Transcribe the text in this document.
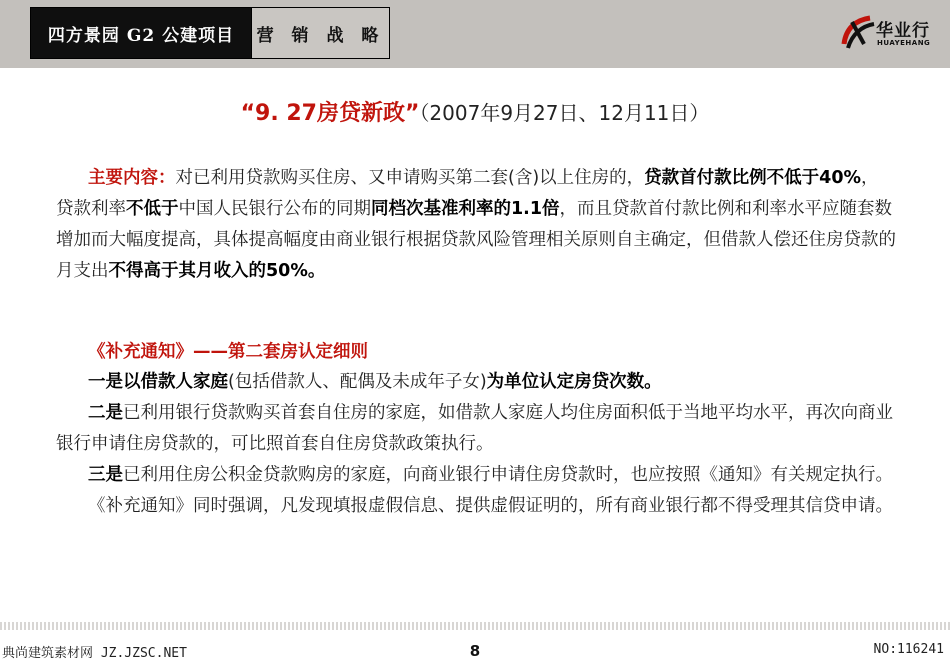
四方景园 G2 公建项目	营 销 战 略	华业行
HUAYEHANG
“9. 27房贷新政”（2007年9月27日、12月11日）
主要内容：对已利用贷款购买住房、又申请购买第二套(含)以上住房的，贷款首付款比例不低于40%，贷款利率不低于中国人民银行公布的同期同档次基准利率的1.1倍，而且贷款首付款比例和利率水平应随套数增加而大幅度提高，具体提高幅度由商业银行根据贷款风险管理相关原则自主确定，但借款人偿还住房贷款的月支出不得高于其月收入的50%。
《补充通知》——第二套房认定细则

一是以借款人家庭(包括借款人、配偶及未成年子女)为单位认定房贷次数。

二是已利用银行贷款购买首套自住房的家庭，如借款人家庭人均住房面积低于当地平均水平，再次向商业银行申请住房贷款的，可比照首套自住房贷款政策执行。

三是已利用住房公积金贷款购房的家庭，向商业银行申请住房贷款时，也应按照《通知》有关规定执行。

《补充通知》同时强调，凡发现填报虚假信息、提供虚假证明的，所有商业银行都不得受理其信贷申请。

典尚建筑素材网 JZ.JZSC.NET	8	NO:116241
